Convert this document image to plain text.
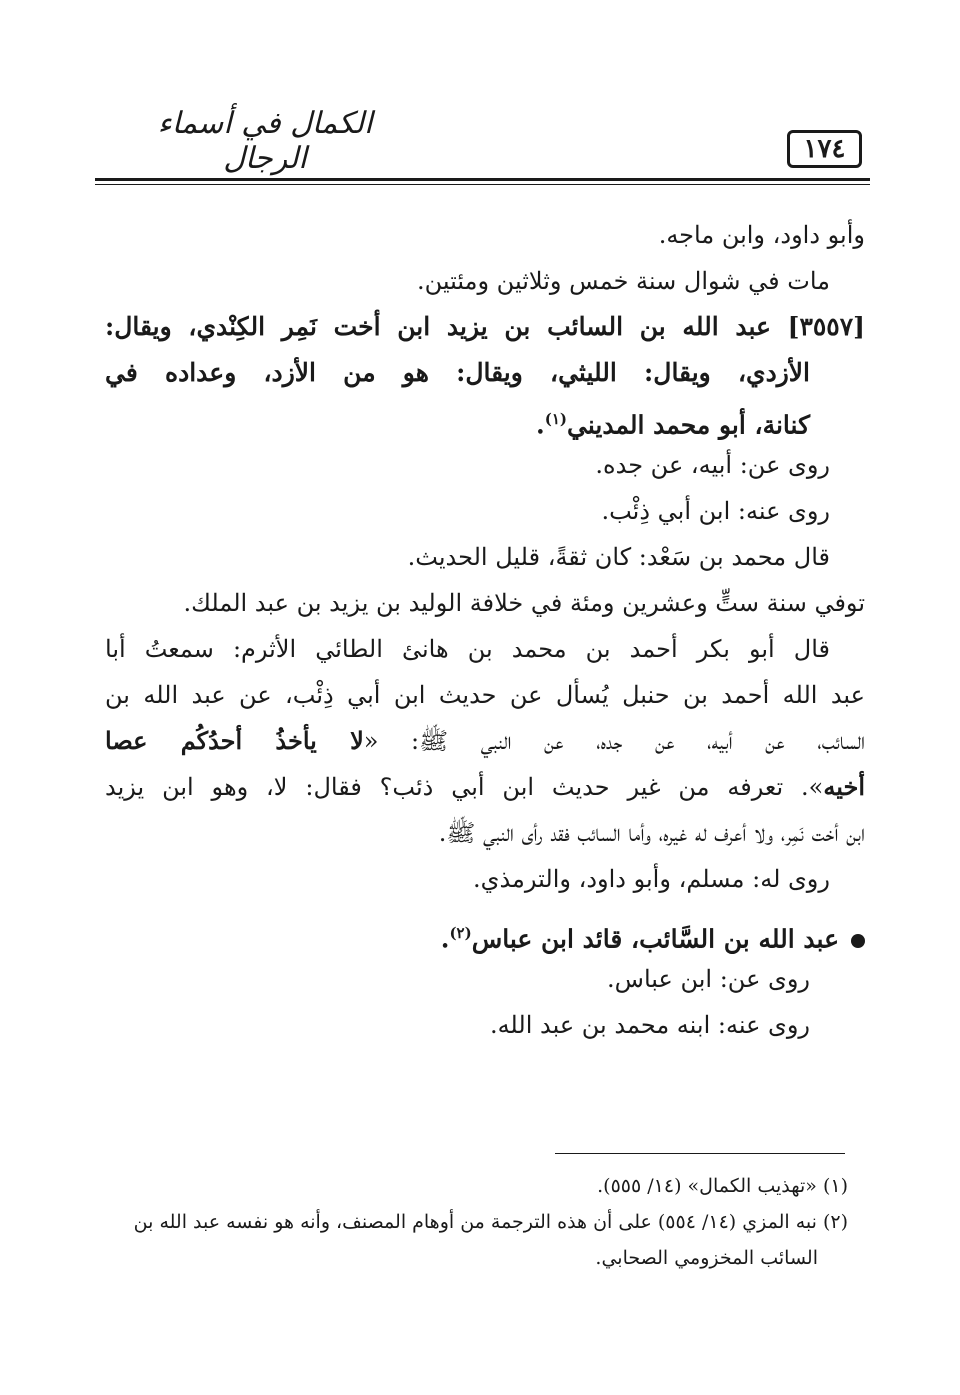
الكمال في أسماء الرجال	١٧٤
وأبو داود، وابن ماجه.
مات في شوال سنة خمس وثلاثين ومئتين.
[٣٥٥٧] عبد الله بن السائب بن يزيد ابن أخت نَمِر الكِنْدي، ويقال:
الأزدي، ويقال: الليثي، ويقال: هو من الأزد، وعداده في
كنانة، أبو محمد المديني$^{(١)}$.
روى عن: أبيه، عن جده.
روى عنه: ابن أبي ذِئْب.
قال محمد بن سَعْد: كان ثقةً، قليل الحديث.
توفي سنة ستٍّ وعشرين ومئة في خلافة الوليد بن يزيد بن عبد الملك.
قال أبو بكر أحمد بن محمد بن هانئ الطائي الأثرم: سمعتُ أبا
عبد الله أحمد بن حنبل يُسأل عن حديث ابن أبي ذِئْب، عن عبد الله بن
السائب، عن أبيه، عن جده، عن النبي ﷺ: «لا يأخذُ أحدُكُم عصا
أخيه». تعرفه من غير حديث ابن أبي ذئب؟ فقال: لا، وهو ابن يزيد
ابن أخت نَمِر، ولا أعرف له غيره، وأما السائب فقد رأى النبي ﷺ.
روى له: مسلم، وأبو داود، والترمذي.
عبد الله بن السَّائب، قائد ابن عباس$^{(٢)}$.
روى عن: ابن عباس.
روى عنه: ابنه محمد بن عبد الله.
(١) «تهذيب الكمال» (١٤/ ٥٥٥).
(٢) نبه المزي (١٤/ ٥٥٤) على أن هذه الترجمة من أوهام المصنف، وأنه هو نفسه عبد الله بن
السائب المخزومي الصحابي.
